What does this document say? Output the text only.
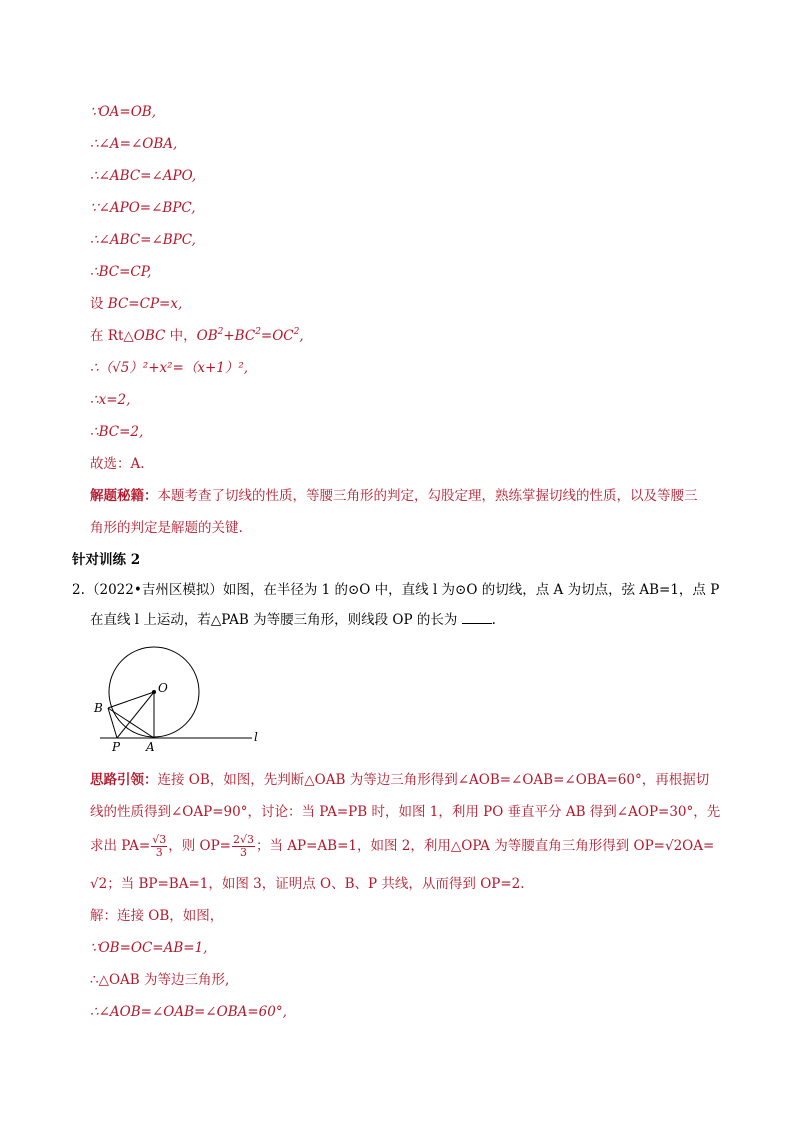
∵OA=OB,
∴∠A=∠OBA,
∴∠ABC=∠APO,
∵∠APO=∠BPC,
∴∠ABC=∠BPC,
∴BC=CP,
设 BC=CP=x,
在 Rt△OBC 中，$OB^2+BC^2=OC^2$,
∴（√5）²+x²=（x+1）²,
∴x=2,
∴BC=2,
故选：A.
解题秘籍：本题考查了切线的性质，等腰三角形的判定，勾股定理，熟练掌握切线的性质，以及等腰三
角形的判定是解题的关键.
针对训练 2
2. （2022•吉州区模拟）如图，在半径为 1 的⊙O 中，直线 l 为⊙O 的切线，点 A 为切点，弦 AB=1，点 P
在直线 l 上运动，若△PAB 为等腰三角形，则线段 OP 的长为	.
O
B
P A
l
思路引领：连接 OB，如图，先判断△OAB 为等边三角形得到∠AOB=∠OAB=∠OBA=60°，再根据切
线的性质得到∠OAP=90°，讨论：当 PA=PB 时，如图 1，利用 PO 垂直平分 AB 得到∠AOP=30°，先
求出 $PA= \frac{√3}{3}$ ，则 $OP= \frac{2√3}{3}$ ；当 AP=AB=1，如图 2，利用△OPA 为等腰直角三角形得到 OP=√2OA=
√2；当 BP=BA=1，如图 3，证明点 O、B、P 共线，从而得到 OP=2.
解：连接 OB，如图，
∵OB=OC=AB=1,
∴△OAB 为等边三角形,
∴∠AOB=∠OAB=∠OBA=60°,
